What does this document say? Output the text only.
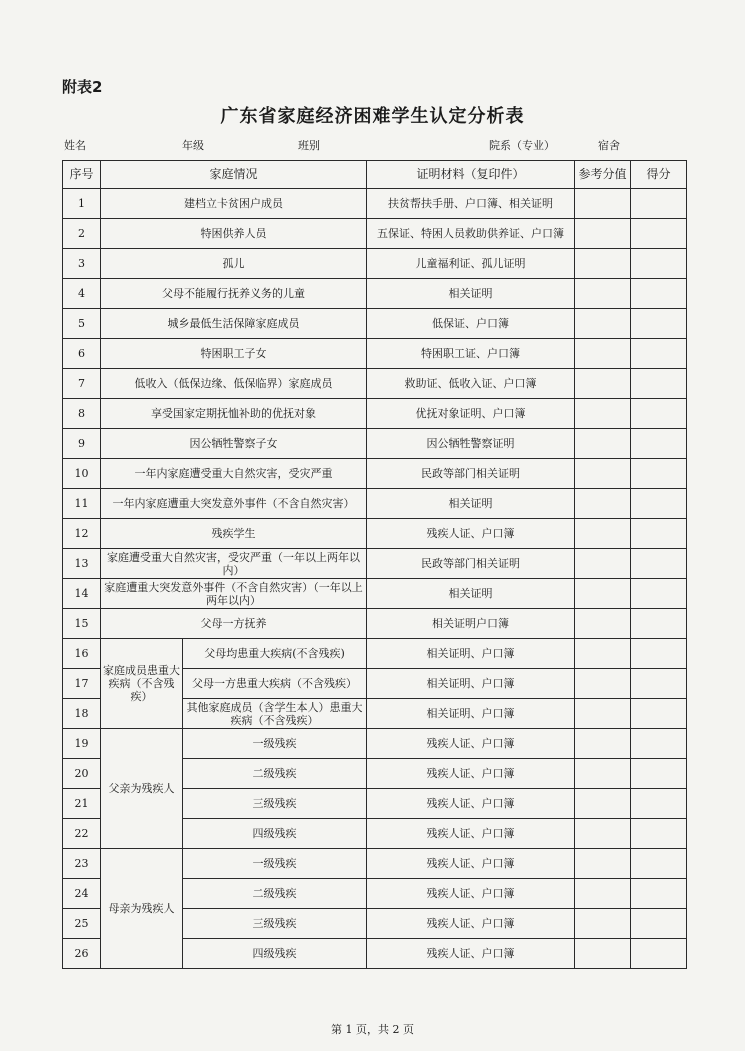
附表2
广东省家庭经济困难学生认定分析表
姓名	年级	班别	院系（专业）	宿舍
序号	家庭情况		证明材料（复印件）	参考分值	得分
1	建档立卡贫困户成员		扶贫帮扶手册、户口簿、相关证明		
2	特困供养人员		五保证、特困人员救助供养证、户口簿		
3	孤儿		儿童福利证、孤儿证明		
4	父母不能履行抚养义务的儿童		相关证明		
5	城乡最低生活保障家庭成员		低保证、户口簿		
6	特困职工子女		特困职工证、户口簿		
7	低收入（低保边缘、低保临界）家庭成员		救助证、低收入证、户口簿		
8	享受国家定期抚恤补助的优抚对象		优抚对象证明、户口簿		
9	因公牺牲警察子女		因公牺牲警察证明		
10	一年内家庭遭受重大自然灾害，受灾严重		民政等部门相关证明		
11	一年内家庭遭重大突发意外事件（不含自然灾害）		相关证明		
12	残疾学生		残疾人证、户口簿		
13	家庭遭受重大自然灾害，受灾严重（一年以上两年以内）		民政等部门相关证明		
14	家庭遭重大突发意外事件（不含自然灾害）（一年以上两年以内）		相关证明		
15	父母一方抚养		相关证明户口簿		
16	家庭成员患重大疾病（不含残疾）	父母均患重大疾病(不含残疾)	相关证明、户口簿		
17		父母一方患重大疾病（不含残疾）	相关证明、户口簿		
18		其他家庭成员（含学生本人）患重大疾病（不含残疾）	相关证明、户口簿		
19	父亲为残疾人	一级残疾	残疾人证、户口簿		
20		二级残疾	残疾人证、户口簿		
21		三级残疾	残疾人证、户口簿		
22		四级残疾	残疾人证、户口簿		
23	母亲为残疾人	一级残疾	残疾人证、户口簿		
24		二级残疾	残疾人证、户口簿		
25		三级残疾	残疾人证、户口簿		
26		四级残疾	残疾人证、户口簿		
第 1 页，共 2 页
